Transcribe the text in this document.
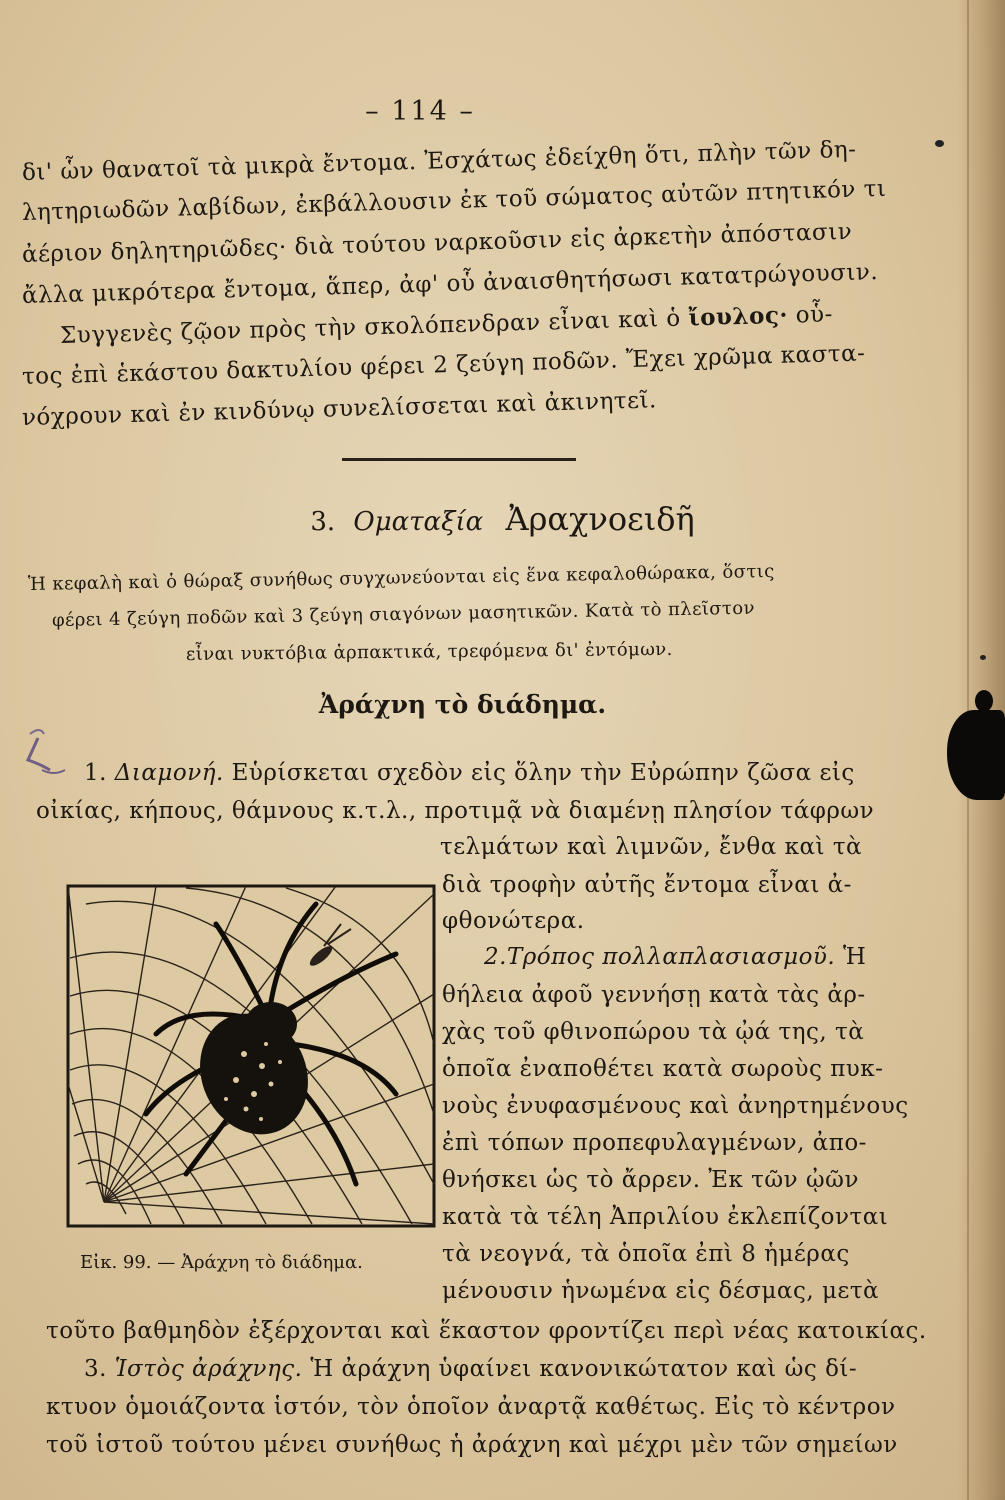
– 114 –
δι' ὧν θανατοῖ τὰ μικρὰ ἔντομα. Ἐσχάτως ἐδείχθη ὅτι, πλὴν τῶν δη-
λητηριωδῶν λαβίδων, ἐκβάλλουσιν ἐκ τοῦ σώματος αὐτῶν πτητικόν τι
ἀέριον δηλητηριῶδες· διὰ τούτου ναρκοῦσιν εἰς ἀρκετὴν ἀπόστασιν
ἄλλα μικρότερα ἔντομα, ἅπερ, ἀφ' οὗ ἀναισθητήσωσι κατατρώγουσιν.
Συγγενὲς ζῷον πρὸς τὴν σκολόπενδραν εἶναι καὶ ὁ ἴουλος· οὗ-
τος ἐπὶ ἑκάστου δακτυλίου φέρει 2 ζεύγη ποδῶν. Ἔχει χρῶμα καστα-
νόχρουν καὶ ἐν κινδύνῳ συνελίσσεται καὶ ἀκινητεῖ.
3. Οματαξία Ἀραχνοειδῆ
Ἡ κεφαλὴ καὶ ὁ θώραξ συνήθως συγχωνεύονται εἰς ἕνα κεφαλοθώρακα, ὅστις
φέρει 4 ζεύγη ποδῶν καὶ 3 ζεύγη σιαγόνων μασητικῶν. Κατὰ τὸ πλεῖστον
εἶναι νυκτόβια ἁρπακτικά, τρεφόμενα δι' ἐντόμων.
Ἀράχνη τὸ διάδημα.
1. Διαμονή. Εὑρίσκεται σχεδὸν εἰς ὅλην τὴν Εὐρώπην ζῶσα εἰς
οἰκίας, κήπους, θάμνους κ.τ.λ., προτιμᾷ νὰ διαμένῃ πλησίον τάφρων
τελμάτων καὶ λιμνῶν, ἔνθα καὶ τὰ
διὰ τροφὴν αὐτῆς ἔντομα εἶναι ἀ-
φθονώτερα.
2.Τρόπος πολλαπλασιασμοῦ. Ἡ
θήλεια ἀφοῦ γεννήσῃ κατὰ τὰς ἀρ-
χὰς τοῦ φθινοπώρου τὰ ᾠά της, τὰ
ὁποῖα ἐναποθέτει κατὰ σωροὺς πυκ-
νοὺς ἐνυφασμένους καὶ ἀνηρτημένους
ἐπὶ τόπων προπεφυλαγμένων, ἀπο-
θνήσκει ὡς τὸ ἄρρεν. Ἐκ τῶν ᾠῶν
κατὰ τὰ τέλη Ἀπριλίου ἐκλεπίζονται
τὰ νεογνά, τὰ ὁποῖα ἐπὶ 8 ἡμέρας
μένουσιν ἡνωμένα εἰς δέσμας, μετὰ
τοῦτο βαθμηδὸν ἐξέρχονται καὶ ἕκαστον φροντίζει περὶ νέας κατοικίας.
Εἰκ. 99. — Ἀράχνη τὸ διάδημα.
3. Ἱστὸς ἀράχνης. Ἡ ἀράχνη ὑφαίνει κανονικώτατον καὶ ὡς δί-
κτυον ὁμοιάζοντα ἱστόν, τὸν ὁποῖον ἀναρτᾷ καθέτως. Εἰς τὸ κέντρον
τοῦ ἱστοῦ τούτου μένει συνήθως ἡ ἀράχνη καὶ μέχρι μὲν τῶν σημείων
